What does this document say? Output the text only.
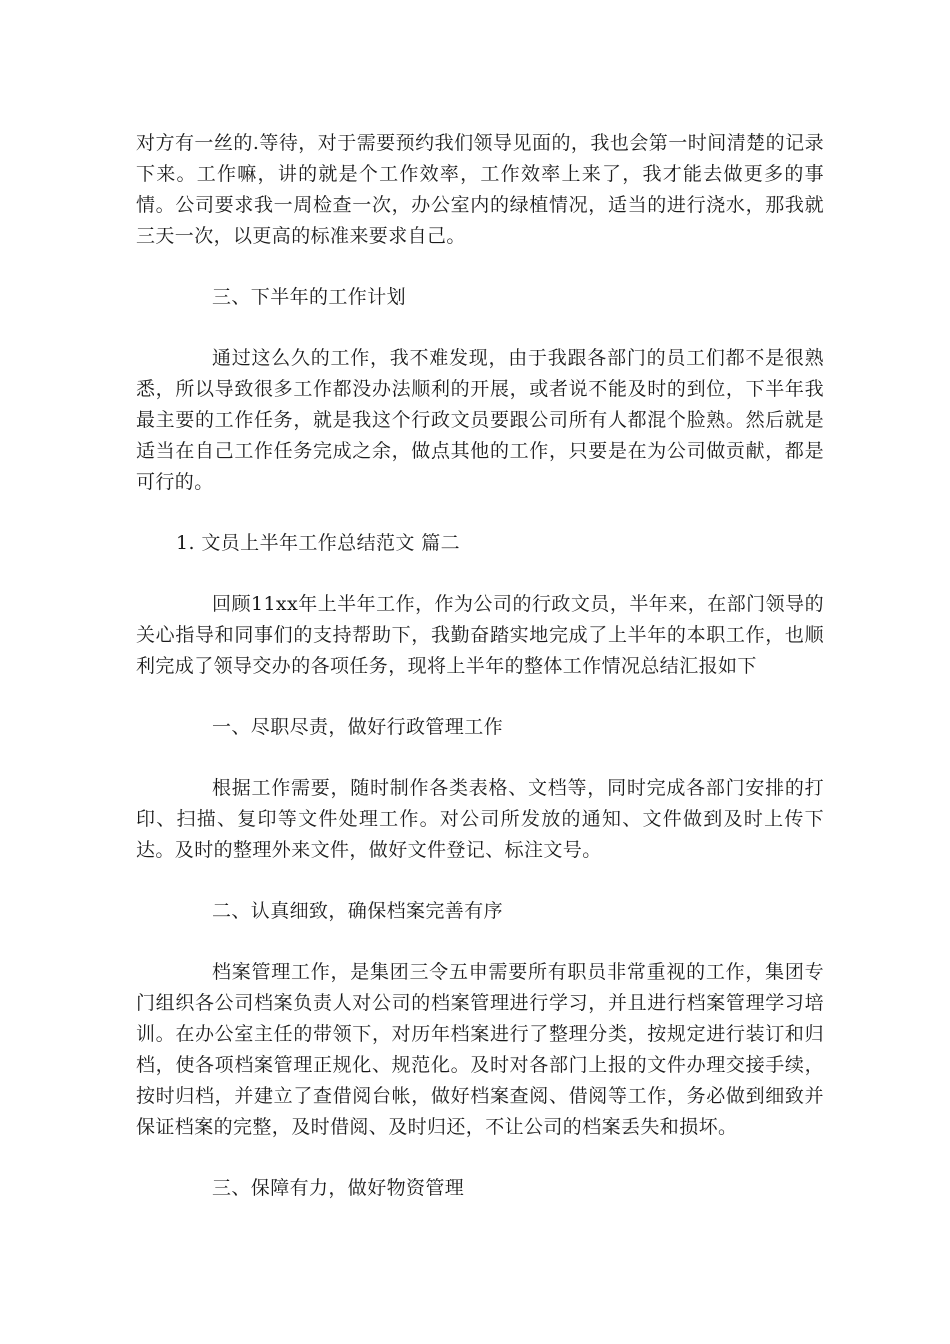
对方有一丝的.等待，对于需要预约我们领导见面的，我也会第一时间清楚的记录下来。工作嘛，讲的就是个工作效率，工作效率上来了，我才能去做更多的事情。公司要求我一周检查一次，办公室内的绿植情况，适当的进行浇水，那我就三天一次，以更高的标准来要求自己。

三、下半年的工作计划

通过这么久的工作，我不难发现，由于我跟各部门的员工们都不是很熟悉，所以导致很多工作都没办法顺利的开展，或者说不能及时的到位，下半年我最主要的工作任务，就是我这个行政文员要跟公司所有人都混个脸熟。然后就是适当在自己工作任务完成之余，做点其他的工作，只要是在为公司做贡献，都是可行的。

1. 文员上半年工作总结范文 篇二

回顾11xx年上半年工作，作为公司的行政文员，半年来，在部门领导的关心指导和同事们的支持帮助下，我勤奋踏实地完成了上半年的本职工作，也顺利完成了领导交办的各项任务，现将上半年的整体工作情况总结汇报如下

一、尽职尽责，做好行政管理工作

根据工作需要，随时制作各类表格、文档等，同时完成各部门安排的打印、扫描、复印等文件处理工作。对公司所发放的通知、文件做到及时上传下达。及时的整理外来文件，做好文件登记、标注文号。

二、认真细致，确保档案完善有序

档案管理工作，是集团三令五申需要所有职员非常重视的工作，集团专门组织各公司档案负责人对公司的档案管理进行学习，并且进行档案管理学习培训。在办公室主任的带领下，对历年档案进行了整理分类，按规定进行装订和归档，使各项档案管理正规化、规范化。及时对各部门上报的文件办理交接手续，按时归档，并建立了查借阅台帐，做好档案查阅、借阅等工作，务必做到细致并保证档案的完整，及时借阅、及时归还，不让公司的档案丢失和损坏。

三、保障有力，做好物资管理
